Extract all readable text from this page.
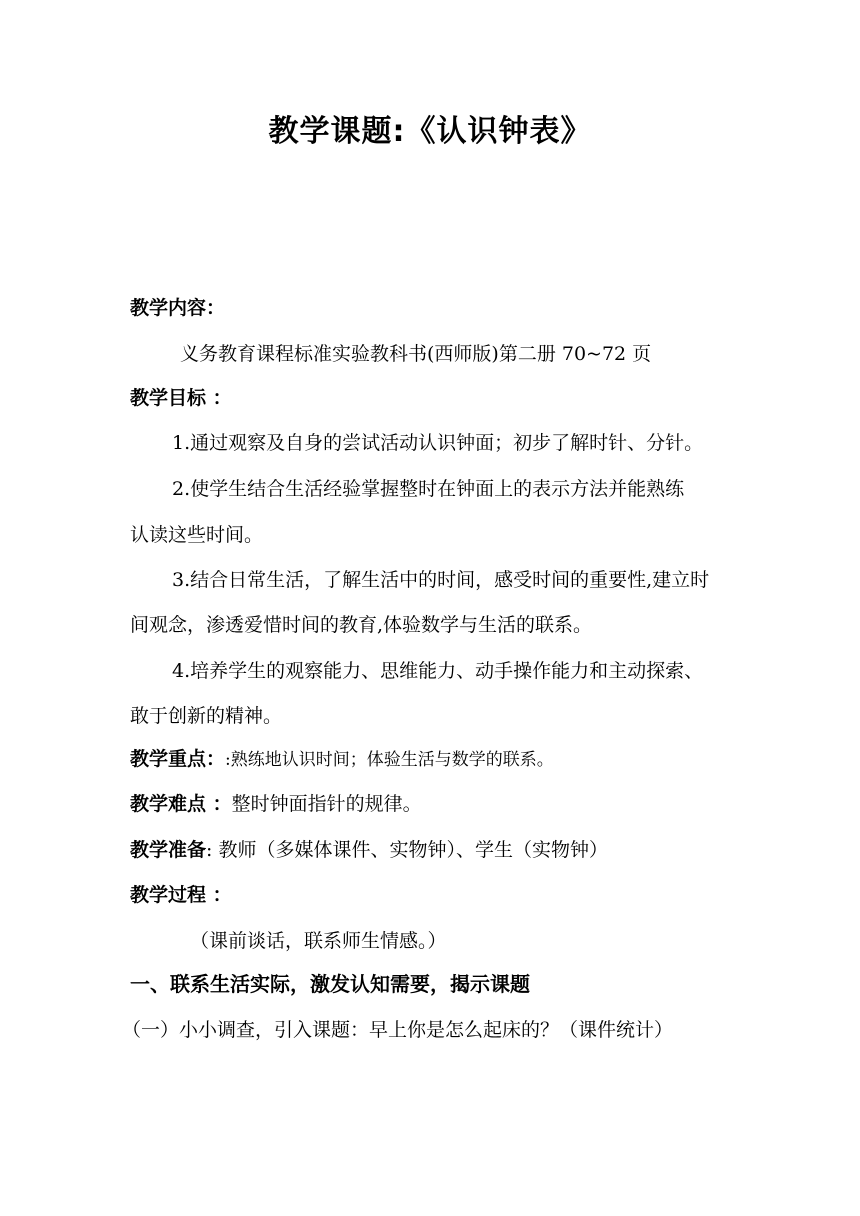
教学课题:《认识钟表》
教学内容：
义务教育课程标准实验教科书(西师版)第二册 70~72 页
教学目标 ：
1.通过观察及自身的尝试活动认识钟面；初步了解时针、分针。
2.使学生结合生活经验掌握整时在钟面上的表示方法并能熟练
认读这些时间。
3.结合日常生活，了解生活中的时间，感受时间的重要性,建立时
间观念，渗透爱惜时间的教育,体验数学与生活的联系。
4.培养学生的观察能力、思维能力、动手操作能力和主动探索、
敢于创新的精神。
教学重点：:熟练地认识时间；体验生活与数学的联系。
教学难点 ：整时钟面指针的规律。
教学准备: 教师（多媒体课件、实物钟）、学生（实物钟）
教学过程 ：
（课前谈话，联系师生情感。）
一、联系生活实际，激发认知需要，揭示课题
（一）小小调查，引入课题：早上你是怎么起床的？（课件统计）
